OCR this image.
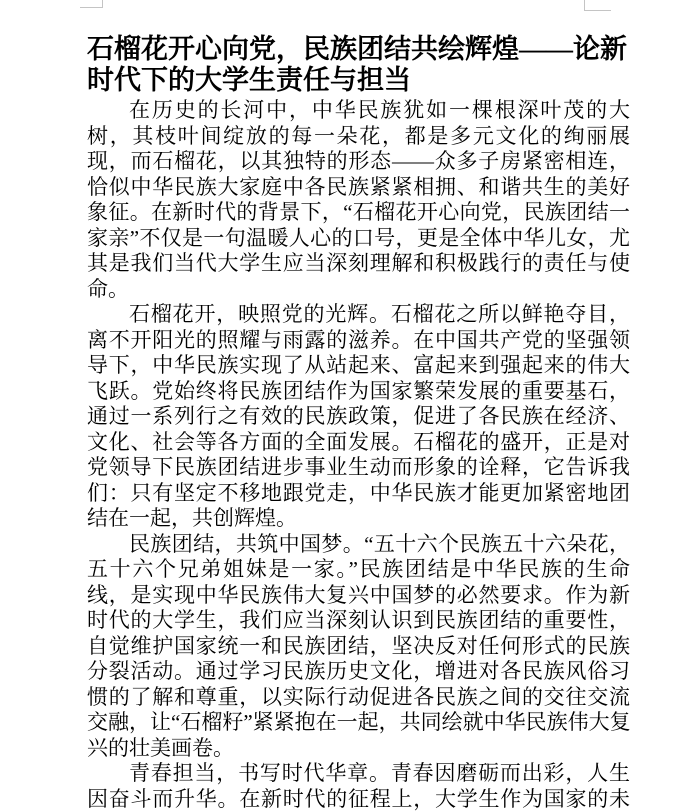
石榴花开心向党，民族团结共绘辉煌——论新
时代下的大学生责任与担当
在历史的长河中，中华民族犹如一棵根深叶茂的大
树，其枝叶间绽放的每一朵花，都是多元文化的绚丽展
现，而石榴花，以其独特的形态——众多子房紧密相连，
恰似中华民族大家庭中各民族紧紧相拥、和谐共生的美好
象征。在新时代的背景下，“石榴花开心向党，民族团结一
家亲”不仅是一句温暖人心的口号，更是全体中华儿女，尤
其是我们当代大学生应当深刻理解和积极践行的责任与使
命。
石榴花开，映照党的光辉。石榴花之所以鲜艳夺目，
离不开阳光的照耀与雨露的滋养。在中国共产党的坚强领
导下，中华民族实现了从站起来、富起来到强起来的伟大
飞跃。党始终将民族团结作为国家繁荣发展的重要基石，
通过一系列行之有效的民族政策，促进了各民族在经济、
文化、社会等各方面的全面发展。石榴花的盛开，正是对
党领导下民族团结进步事业生动而形象的诠释，它告诉我
们：只有坚定不移地跟党走，中华民族才能更加紧密地团
结在一起，共创辉煌。
民族团结，共筑中国梦。“五十六个民族五十六朵花，
五十六个兄弟姐妹是一家。”民族团结是中华民族的生命
线，是实现中华民族伟大复兴中国梦的必然要求。作为新
时代的大学生，我们应当深刻认识到民族团结的重要性，
自觉维护国家统一和民族团结，坚决反对任何形式的民族
分裂活动。通过学习民族历史文化，增进对各民族风俗习
惯的了解和尊重，以实际行动促进各民族之间的交往交流
交融，让“石榴籽”紧紧抱在一起，共同绘就中华民族伟大复
兴的壮美画卷。
青春担当，书写时代华章。青春因磨砺而出彩，人生
因奋斗而升华。在新时代的征程上，大学生作为国家的未
